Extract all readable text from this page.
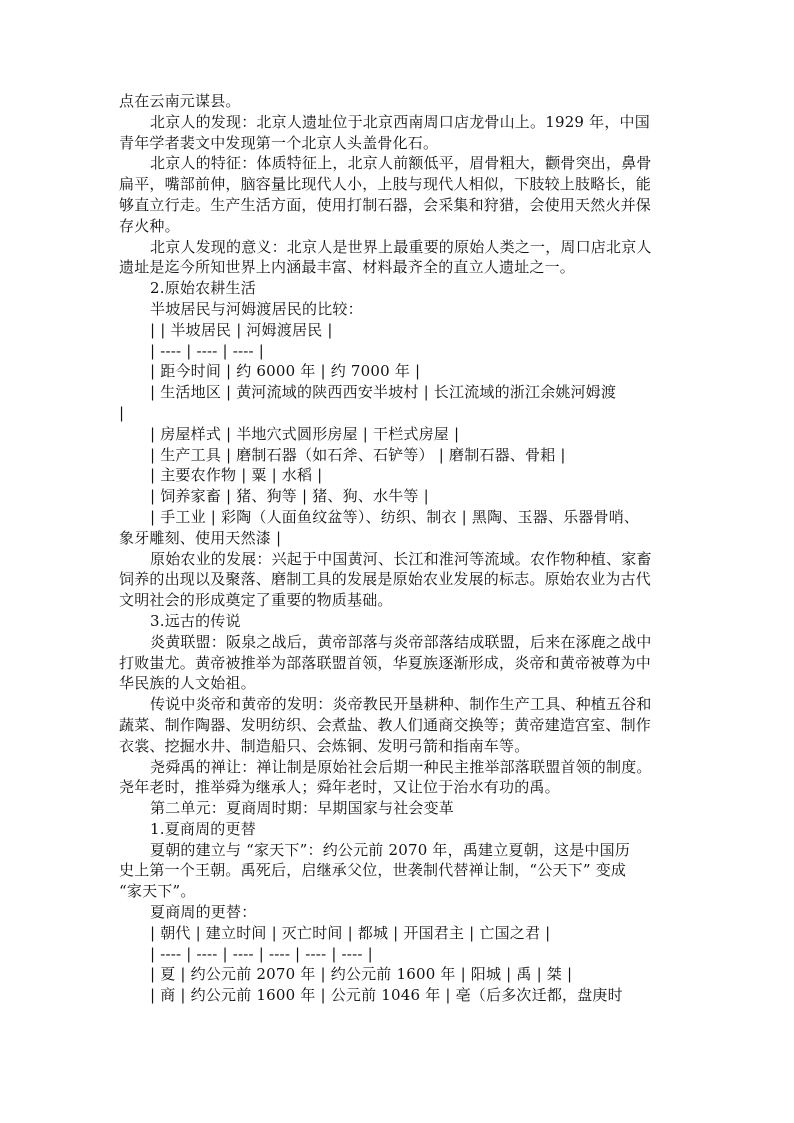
点在云南元谋县。
北京人的发现：北京人遗址位于北京西南周口店龙骨山上。1929 年，中国
青年学者裴文中发现第一个北京人头盖骨化石。
北京人的特征：体质特征上，北京人前额低平，眉骨粗大，颧骨突出，鼻骨
扁平，嘴部前伸，脑容量比现代人小，上肢与现代人相似，下肢较上肢略长，能
够直立行走。生产生活方面，使用打制石器，会采集和狩猎，会使用天然火并保
存火种。
北京人发现的意义：北京人是世界上最重要的原始人类之一，周口店北京人
遗址是迄今所知世界上内涵最丰富、材料最齐全的直立人遗址之一。
2.原始农耕生活
半坡居民与河姆渡居民的比较：
| | 半坡居民 | 河姆渡居民 |
| ---- | ---- | ---- |
| 距今时间 | 约 6000 年 | 约 7000 年 |
| 生活地区 | 黄河流域的陕西西安半坡村 | 长江流域的浙江余姚河姆渡
|
| 房屋样式 | 半地穴式圆形房屋 | 干栏式房屋 |
| 生产工具 | 磨制石器（如石斧、石铲等） | 磨制石器、骨耜 |
| 主要农作物 | 粟 | 水稻 |
| 饲养家畜 | 猪、狗等 | 猪、狗、水牛等 |
| 手工业 | 彩陶（人面鱼纹盆等）、纺织、制衣 | 黑陶、玉器、乐器骨哨、
象牙雕刻、使用天然漆 |
原始农业的发展：兴起于中国黄河、长江和淮河等流域。农作物种植、家畜
饲养的出现以及聚落、磨制工具的发展是原始农业发展的标志。原始农业为古代
文明社会的形成奠定了重要的物质基础。
3.远古的传说
炎黄联盟：阪泉之战后，黄帝部落与炎帝部落结成联盟，后来在涿鹿之战中
打败蚩尤。黄帝被推举为部落联盟首领，华夏族逐渐形成，炎帝和黄帝被尊为中
华民族的人文始祖。
传说中炎帝和黄帝的发明：炎帝教民开垦耕种、制作生产工具、种植五谷和
蔬菜、制作陶器、发明纺织、会煮盐、教人们通商交换等；黄帝建造宫室、制作
衣裳、挖掘水井、制造船只、会炼铜、发明弓箭和指南车等。
尧舜禹的禅让：禅让制是原始社会后期一种民主推举部落联盟首领的制度。
尧年老时，推举舜为继承人；舜年老时，又让位于治水有功的禹。
第二单元：夏商周时期：早期国家与社会变革
1.夏商周的更替
夏朝的建立与 “家天下”：约公元前 2070 年，禹建立夏朝，这是中国历
史上第一个王朝。禹死后，启继承父位，世袭制代替禅让制，“公天下” 变成
“家天下”。
夏商周的更替：
| 朝代 | 建立时间 | 灭亡时间 | 都城 | 开国君主 | 亡国之君 |
| ---- | ---- | ---- | ---- | ---- | ---- |
| 夏 | 约公元前 2070 年 | 约公元前 1600 年 | 阳城 | 禹 | 桀 |
| 商 | 约公元前 1600 年 | 公元前 1046 年 | 亳（后多次迁都，盘庚时
